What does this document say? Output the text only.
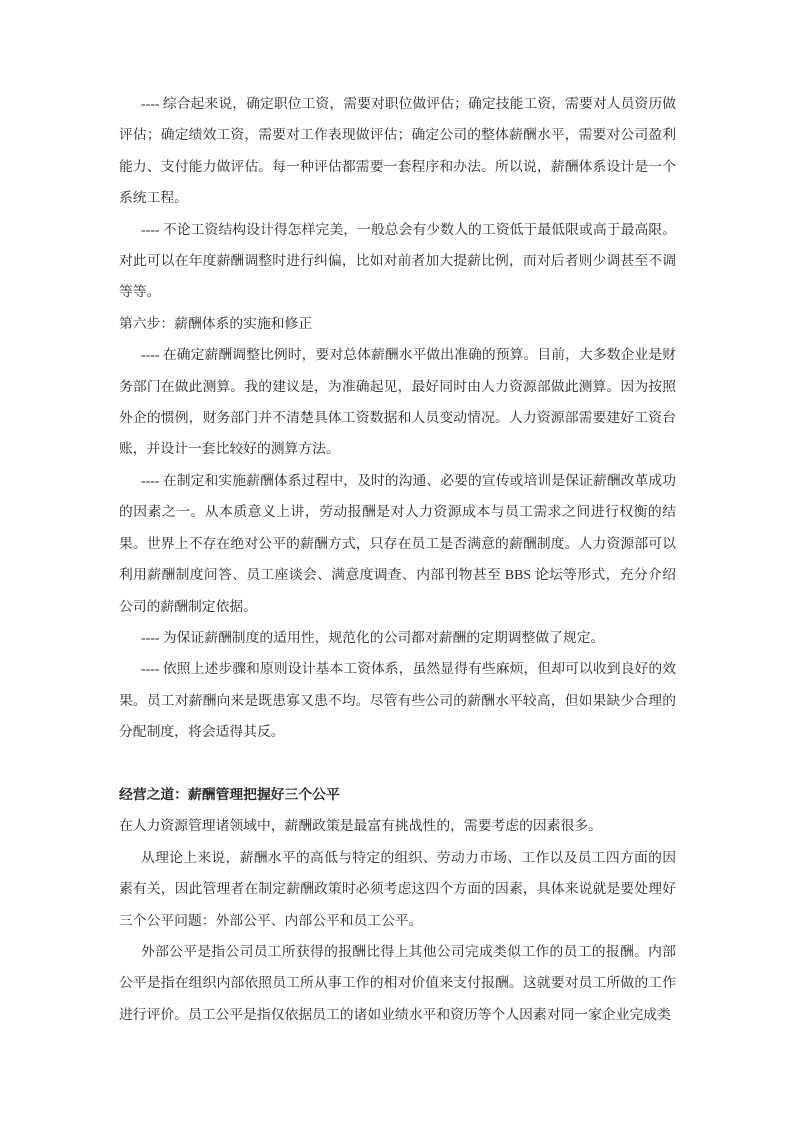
---- 综合起来说，确定职位工资，需要对职位做评估；确定技能工资，需要对人员资历做评估；确定绩效工资，需要对工作表现做评估；确定公司的整体薪酬水平，需要对公司盈利能力、支付能力做评估。每一种评估都需要一套程序和办法。所以说，薪酬体系设计是一个系统工程。

---- 不论工资结构设计得怎样完美，一般总会有少数人的工资低于最低限或高于最高限。对此可以在年度薪酬调整时进行纠偏，比如对前者加大提薪比例，而对后者则少调甚至不调等等。

第六步：薪酬体系的实施和修正

---- 在确定薪酬调整比例时，要对总体薪酬水平做出准确的预算。目前，大多数企业是财务部门在做此测算。我的建议是，为准确起见，最好同时由人力资源部做此测算。因为按照外企的惯例，财务部门并不清楚具体工资数据和人员变动情况。人力资源部需要建好工资台账，并设计一套比较好的测算方法。

---- 在制定和实施薪酬体系过程中，及时的沟通、必要的宣传或培训是保证薪酬改革成功的因素之一。从本质意义上讲，劳动报酬是对人力资源成本与员工需求之间进行权衡的结果。世界上不存在绝对公平的薪酬方式，只存在员工是否满意的薪酬制度。人力资源部可以利用薪酬制度问答、员工座谈会、满意度调查、内部刊物甚至 BBS 论坛等形式，充分介绍公司的薪酬制定依据。

---- 为保证薪酬制度的适用性，规范化的公司都对薪酬的定期调整做了规定。

---- 依照上述步骤和原则设计基本工资体系，虽然显得有些麻烦，但却可以收到良好的效果。员工对薪酬向来是既患寡又患不均。尽管有些公司的薪酬水平较高，但如果缺少合理的分配制度，将会适得其反。

经营之道：薪酬管理把握好三个公平

在人力资源管理诸领域中，薪酬政策是最富有挑战性的，需要考虑的因素很多。

从理论上来说，薪酬水平的高低与特定的组织、劳动力市场、工作以及员工四方面的因素有关，因此管理者在制定薪酬政策时必须考虑这四个方面的因素，具体来说就是要处理好三个公平问题：外部公平、内部公平和员工公平。

外部公平是指公司员工所获得的报酬比得上其他公司完成类似工作的员工的报酬。内部公平是指在组织内部依照员工所从事工作的相对价值来支付报酬。这就要对员工所做的工作进行评价。员工公平是指仅依据员工的诸如业绩水平和资历等个人因素对同一家企业完成类
